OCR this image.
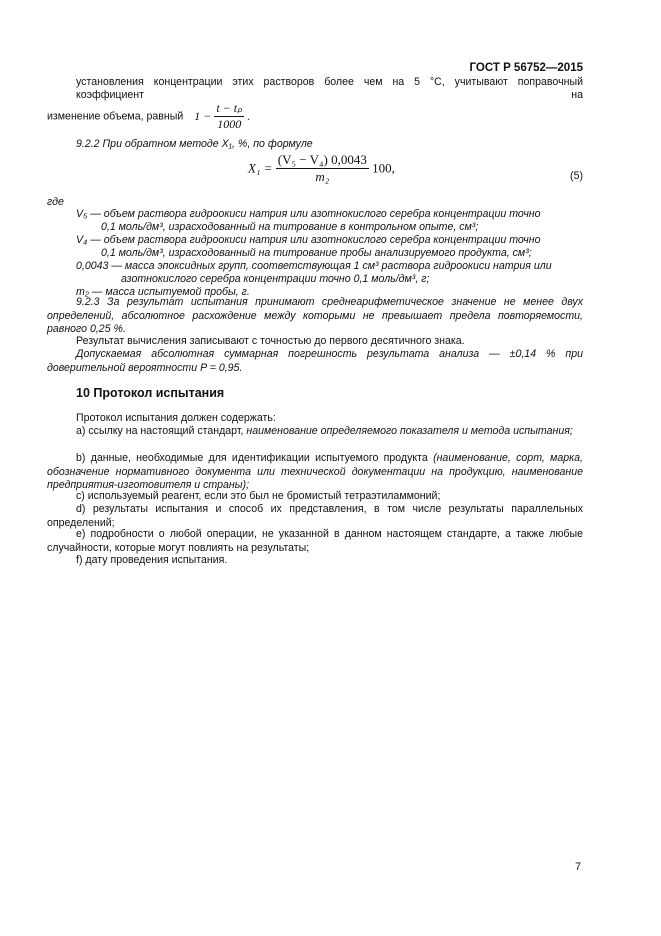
ГОСТ Р 56752—2015
установления концентрации этих растворов более чем на 5 °С, учитывают поправочный коэффициент на
изменение объема, равный $1 - \frac{\text{t − tₚ}}{1000}$ .
9.2.2 При обратном методе X₁, %, по формуле
$X_1 = \frac{\text{(V₅ − V₄) 0,0043}}{\text{m₂}} 100$,
(5)
где
V₅ — объем раствора гидроокиси натрия или азотнокислого серебра концентрации точно
0,1 моль/дм³, израсходованный на титрование в контрольном опыте, см³;
V₄ — объем раствора гидроокиси натрия или азотнокислого серебра концентрации точно
0,1 моль/дм³, израсходованный на титрование пробы анализируемого продукта, см³;
0,0043 — масса эпоксидных групп, соответствующая 1 см³ раствора гидроокиси натрия или
азотнокислого серебра концентрации точно 0,1 моль/дм³, г;
m₂ — масса испытуемой пробы, г.
9.2.3 За результат испытания принимают среднеарифметическое значение не менее двух определений, абсолютное расхождение между которыми не превышает предела повторяемости, равного 0,25 %.
Результат вычисления записывают с точностью до первого десятичного знака.
Допускаемая абсолютная суммарная погрешность результата анализа — ±0,14 % при доверительной вероятности P = 0,95.
10 Протокол испытания
Протокол испытания должен содержать:
а) ссылку на настоящий стандарт, наименование определяемого показателя и метода испытания;
b) данные, необходимые для идентификации испытуемого продукта (наименование, сорт, марка, обозначение нормативного документа или технической документации на продукцию, наименование предприятия-изготовителя и страны);
с) используемый реагент, если это был не бромистый тетраэтиламмоний;
d) результаты испытания и способ их представления, в том числе результаты параллельных определений;
е) подробности о любой операции, не указанной в данном настоящем стандарте, а также любые случайности, которые могут повлиять на результаты;
f) дату проведения испытания.
7
